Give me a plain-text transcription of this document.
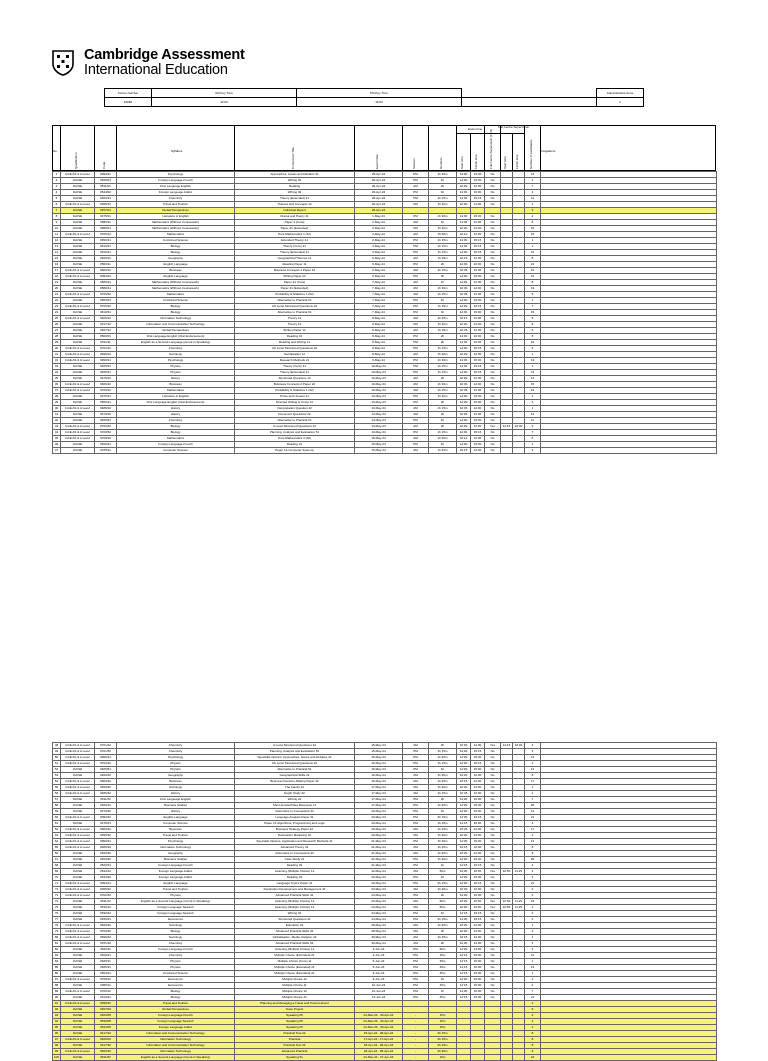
Cambridge Assessment
International Education
Centre Number	AM Key Time	PM Key Time		Administrative Zone
#1682	12:00	16:00		3
No.
Qualification	Code
Syllabus	Component Title	Exam Date	Session	Duration	Start time	Finish time	Full Centre Supervision (FCS)	Start time	Finish time	Number of candidates	Invigilators
Exam time	Full Centre Supervision
1	GCE AS & A Level	9990/31	Psychology	Approaches, Issues and Debates 31	25-Apr-24	PM	1h 30m	14:00	15:30	No			13	
2	IGCSE	0520/01	Foreign Language French	Writing 02	26-Apr-24	PM	1h	14:00	15:00	No			4	
3	IGCSE	0511/01	First Language English	Reading	26-Apr-24	AM	2h	10:00	12:00	No			7	
4	IGCSE	0544/02	Foreign Language Arabic	Writing 02	26-Apr-24	PM	1h	14:00	15:00	No			2	
5	IGCSE	0620/41	Chemistry	Theory (Extended) 41	26-Apr-24	PM	1h 15m	14:00	15:15	No			11	
6	GCE AS & A Level	9395/12	Travel and Tourism	Themes and Concepts 12	26-Apr-24	AM	1h 30m	10:00	11:30	No			2	
7	IGCSE	0457/01	Global Perspectives	Individual Report	26-Apr-24								3	
8	IGCSE	0475/01	Literature in English	Drama and Poetry 11	1-May-24	PM	1h 30m	14:00	15:30	No			2	
9	IGCSE	0580/11	Mathematics (Without Coursework)	Paper 1 (Core)	2-May-24	AM	1h	11:00	12:00	No			8	
10	IGCSE	0580/21	Mathematics (Without Coursework)	Paper 21 (Extended)	2-May-24	AM	1h 30m	10:30	12:00	No			19	
11	GCE AS & A Level	9709/12	Mathematics	Pure Mathematics 1 (12)	2-May-24	AM	1h 50m	10:10	12:00	No			16	
12	IGCSE	0653/41	Combined Science	Extended Theory 41	2-May-24	PM	1h 15m	14:00	15:15	No			1	
13	IGCSE	0610/31	Biology	Theory (Core) 31	3-May-24	PM	1h 15m	14:00	15:15	No			1	
14	IGCSE	0610/41	Biology	Theory (Extended) 41	3-May-24	PM	1h 15m	14:00	15:15	No			21	
15	IGCSE	0460/12	Geography	Geographical Themes 12	6-May-24	AM	1h 45m	10:15	12:00	No			8	
16	IGCSE	0500/11	English Language	Reading Paper 11	6-May-24	PM	2h	14:00	16:00	No			21	
17	GCE AS & A Level	9609/12	Business	Business Concepts 1 Paper 12	6-May-24	AM	1h 15m	10:45	12:00	No			15	
18	GCE AS & A Level	9093/22	English Language	Writing Paper 22	6-May-24	PM	2h	14:00	16:00	No			21	
19	IGCSE	0580/31	Mathematics (Without Coursework)	Paper 31 (Core)	7-May-24	AM	1h	11:00	12:00	No			8	
20	IGCSE	0580/41	Mathematics (Without Coursework)	Paper 41 (Extended)	7-May-24	AM	1h 30m	10:30	12:00	No			19	
21	GCE AS & A Level	9709/52	Mathematics	Probability & Statistics 1 (52)	7-May-24	AM	1h 15m	10:45	12:00	No			5	
22	IGCSE	0653/61	Combined Science	Alternative to Practical 61	7-May-24	PM	1h	14:00	15:00	No			1	
23	GCE AS & A Level	9700/22	Biology	AS Level Structured Questions 22	7-May-24	PM	1h 15m	14:00	15:15	No			7	
24	IGCSE	0610/61	Biology	Alternative to Practical 61	7-May-24	PM	1h	14:00	15:00	No			15	
25	GCE AS & A Level	9626/12	Information Technology	Theory 12	8-May-24	AM	1h 45m	10:15	12:00	No			8	
26	IGCSE	0417/12	Information and Communication Technology	Theory 12	8-May-24	AM	1h 30m	10:30	12:00	No			8	
27	IGCSE	0457/12	Global Perspectives	Written Paper 12	8-May-24	AM	1h 15m	10:45	12:00	No			5	
28	IGCSE	0500/01	First Language English (Oral Endorsement)	Reading 01	8-May-24	PM	2h	14:00	16:00	No			5	
29	IGCSE	0511/11	English as a Second Language (Count-in Speaking)	Reading and Writing 11	8-May-24	PM	2h	14:00	16:00	No			19	
30	GCE AS & A Level	9701/22	Chemistry	AS Level Structured Questions 22	8-May-24	PM	1h 15m	14:00	15:15	No			6	
31	GCE AS & A Level	9699/12	Sociology	Socialisation 12	8-May-24	AM	1h 30m	10:30	12:00	No			1	
32	GCE AS & A Level	9990/21	Psychology	Research Methods 21	9-May-24	PM	1h 30m	14:00	15:30	No			13	
33	IGCSE	0625/31	Physics	Theory (Core) 31	10-May-24	PM	1h 15m	14:00	15:15	No			1	
34	IGCSE	0625/41	Physics	Theory (Extended) 41	10-May-24	PM	1h 15m	14:00	15:15	No			13	
35	IGCSE	0470/12	History	Structured Questions 12	10-May-24	AM	2h	10:00	12:00	No			14	
36	GCE AS & A Level	9609/22	Business	Business Concepts 2 Paper 22	10-May-24	AM	1h 30m	10:30	12:00	No			15	
37	GCE AS & A Level	9709/42	Mathematics	Probability & Statistics 1 (42)	10-May-24	AM	1h 15m	10:45	12:00	No			19	
38	IGCSE	0475/21	Literature in English	Prose and Unseen 21	13-May-24	PM	1h 30m	14:00	15:30	No			2	
39	IGCSE	0500/21	First Language English (Oral Endorsement)	Directed Writing & Comp 21	13-May-24	PM	2h	14:00	16:00	No			5	
40	GCE AS & A Level	9489/22	History	Interpretation Question 22	13-May-24	AM	1h 15m	10:45	12:00	No			1	
41	IGCSE	0470/22	History	Document Questions 22	14-May-24	AM	2h	10:00	12:00	No			14	
42	IGCSE	0620/61	Chemistry	Alternative to Practical 61	14-May-24	PM	1h	14:00	15:00	No			11	
43	GCE AS & A Level	9700/42	Biology	A Level Structured Questions 42	14-May-24	AM	2h	10:00	12:00	Yes	14:15	16:00	3	
44	GCE AS & A Level	9700/52	Biology	Planning, Analysis and Evaluation 51	14-May-24	PM	1h 15m	14:00	15:15	No			7	
45	GCE AS & A Level	9709/32	Mathematics	Pure Mathematics 3 (32)	15-May-24	AM	1h 50m	10:10	12:00	No			5	
46	IGCSE	0520/21	Foreign Language French	Reading 21	15-May-24	PM	1h	14:00	15:00	No			4	
47	IGCSE	0478/11	Computer Science	Paper 1A Computer Systems	15-May-24	AM	1h 45m	10:15	12:00	No			4	
48	GCE AS & A Level	9701/42	Chemistry	A Level Structured Questions 42	15-May-24	AM	2h	10:00	12:00	Yes	14:15	16:00	3	
49	GCE AS & A Level	9701/52	Chemistry	Planning, Analysis and Evaluation 52	15-May-24	PM	1h 15m	14:00	15:15	No			3	
50	GCE AS & A Level	9990/41	Psychology	Specialist Options: Approaches, Issues and Debates 41	15-May-24	PM	1h 30m	14:00	15:30	No			13	
51	GCE AS & A Level	9702/22	Physics	AS Level Structured Questions 22	16-May-24	PM	1h 15m	14:00	15:15	No			2	
52	IGCSE	0625/61	Physics	Alternative to Practical 61	16-May-24	PM	1h	14:00	15:00	No			13	
53	IGCSE	0460/22	Geography	Geographical Skills 22	16-May-24	AM	1h 30m	10:30	12:00	No			8	
54	GCE AS & A Level	9609/32	Business	Business Decision-Making Paper 32	16-May-24	AM	1h 45m	10:15	12:00	No			17	
55	GCE AS & A Level	9699/22	Sociology	The Family 22	17-May-24	AM	1h 30m	10:30	12:00	No			1	
56	GCE AS & A Level	9489/32	History	Depth Study 32	17-May-24	AM	1h 15m	10:45	12:00	No			1	
57	IGCSE	0511/22	First Language English	Writing 22	17-May-24	PM	2h	14:00	16:00	No			7	
58	IGCSE	0450/12	Business Studies	Short Answer/Data Response 11	17-May-24	PM	1h 30m	14:00	15:30	No			26	
59	IGCSE	0470/32	History	Alternative to Coursework 32	20-May-24	PM	1h	14:00	15:00	No			14	
60	GCE AS & A Level	9093/32	English Language	Language Analysis Paper 31	20-May-24	PM	2h 15m	14:00	16:15	No			21	
61	IGCSE	0478/21	Computer Science	Paper 21 Algorithms, Programming and Logic	20-May-24	PM	1h 45m	14:15	16:00	No			4	
62	GCE AS & A Level	9609/42	Business	Business Strategy Paper 42	20-May-24	AM	1h 15m	10:45	12:00	No			17	
63	GCE AS & A Level	9395/32	Travel and Tourism	Destination Marketing 32	20-May-24	AM	1h 30m	10:30	12:00	No			2	
64	GCE AS & A Level	9990/31	Psychology	Specialist Options: Application and Research Methods 31	21-May-24	PM	1h 30m	14:00	15:30	No			13	
65	GCE AS & A Level	9626/32	Information Technology	Advanced Theory 32	21-May-24	AM	1h 45m	10:15	12:00	No			8	
66	IGCSE	0460/42	Geography	Alternative to Coursework 42	21-May-24	AM	1h 30m	10:30	12:00	No			8	
67	IGCSE	0450/22	Business Studies	Case Study 21	21-May-24	PM	1h 30m	14:00	15:30	No			26	
68	IGCSE	0520/31	Foreign Language French	Reading 32	21-May-24	PM	1h	14:15	15:15	No			4	
69	IGCSE	0544/12	Foreign Language Arabic	Listening (Multiple Choice) 12	22-May-24	AM	50m	10:00	10:50	Yes	10:50	11:25	2	
70	IGCSE	0544/32	Foreign Language Arabic	Reading 32	22-May-24	PM	1h	14:00	15:00	No			2	
71	GCE AS & A Level	9093/41	English Language	Language Topics Paper 41	22-May-24	PM	2h 15m	14:00	16:15	No			21	
72	GCE AS & A Level	9395/42	Travel and Tourism	Destination Development and Management 42	23-May-24	AM	1h 30m	10:30	12:00	No			2	
73	GCE AS & A Level	9702/42	Physics	Advanced Practical Skills 42	23-May-24	PM	2h	14:00	16:00	No			2	
74	IGCSE	0511/12	English as a Second Language (Count-in Speaking)	Listening (Multiple Choice) 12	23-May-24	AM	50m	10:00	10:50	Yes	10:50	11:25	19	
75	IGCSE	0530/12	Foreign Language Spanish	Listening (Multiple Choice) 12	24-May-24	AM	50m	10:00	10:50	Yes	10:50	11:25	2	
76	IGCSE	0530/42	Foreign Language Spanish	Writing 42	24-May-24	PM	1h	14:15	15:15	No			2	
77	IGCSE	0455/21	Economics	Structured Questions 21	24-May-24	PM	2h 15m	14:00	16:15	No			2	
78	GCE AS & A Level	9699/32	Sociology	Education 32	28-May-24	AM	1h 30m	10:30	12:00	No			1	
79	GCE AS & A Level	9700/32	Biology	Advanced Practical Skills 32	28-May-24	AM	2h	10:00	12:00	No			6	
80	GCE AS & A Level	9699/42	Sociology	Globalisation, Media, Religion 42	30-May-24	AM	1h 45m	10:15	12:00	No			1	
81	GCE AS & A Level	9701/32	Chemistry	Advanced Practical Skills 32	30-May-24	AM	2h	10:00	12:00	No			3	
82	IGCSE	0520/11	Foreign Language French	Listening (Multiple Choice) 11	3-Jun-24	PM	50m	14:00	14:50	No			4	
83	IGCSE	0620/21	Chemistry	Multiple Choice (Extended) 21	4-Jun-24	PM	45m	14:15	15:00	No			11	
84	IGCSE	0625/11	Physics	Multiple Choice (Core) 11	5-Jun-24	PM	45m	14:15	15:00	No			1	
85	IGCSE	0625/21	Physics	Multiple Choice (Extended) 21	5-Jun-24	PM	45m	14:15	15:00	No			13	
86	IGCSE	0653/21	Combined Science	Multiple Choice (Extended) 21	6-Jun-24	PM	45m	14:15	15:00	No			1	
87	GCE AS & A Level	9708/12	Economics	Multiple Choice 12	6-Jun-24	PM	1h	14:00	15:00	No			2	
88	IGCSE	0455/11	Economics	Multiple Choice 11	10-Jun-24	PM	45m	14:15	15:00	No			2	
89	GCE AS & A Level	9700/12	Biology	Multiple Choice 12	12-Jun-24	PM	1h	14:00	15:00	No			7	
90	IGCSE	0610/21	Biology	Multiple Choice 21	13-Jun-24	PM	45m	14:15	15:00	No			21	
91	GCE AS & A Level	9395/22	Travel and Tourism	Planning and Managing a Travel and Tourism Event									2	
92	IGCSE	0457/03	Global Perspectives	Team Project									5	
93	IGCSE	0520/05	Foreign Language French	Speaking 05	01-Mar-24 - 30-Apr-24	-	15m						4	
94	IGCSE	0530/05	Foreign Language Spanish	Speaking 05	01-Mar-24 - 30-Apr-24	-	15m						2	
95	IGCSE	0544/05	Foreign Language Arabic	Speaking 05	01-Mar-24 - 30-Apr-24	-	15m						2	
96	IGCSE	0417/22	Information and Communication Technology	Practical Test 22	15-Apr-24 - 28-Apr-24	-	2h 15m						8	
97	GCE AS & A Level	9626/02	Information Technology	Practical	17-Apr-24 - 17-Apr-24	-	2h 15m						8	
98	IGCSE	0417/32	Information and Communication Technology	Practical Test 32	18-Apr-24 - 28-Apr-24	-	2h 15m						8	
99	GCE AS & A Level	9626/42	Information Technology	Advanced Practical	18-Apr-24 - 28-Apr-24	-	2h 30m						8	
100	IGCSE	0511/52	English as a Second Language (Count-in Speaking)	Speaking 51	01-Mar-24 - 27-Apr-24	-	15m						19	
